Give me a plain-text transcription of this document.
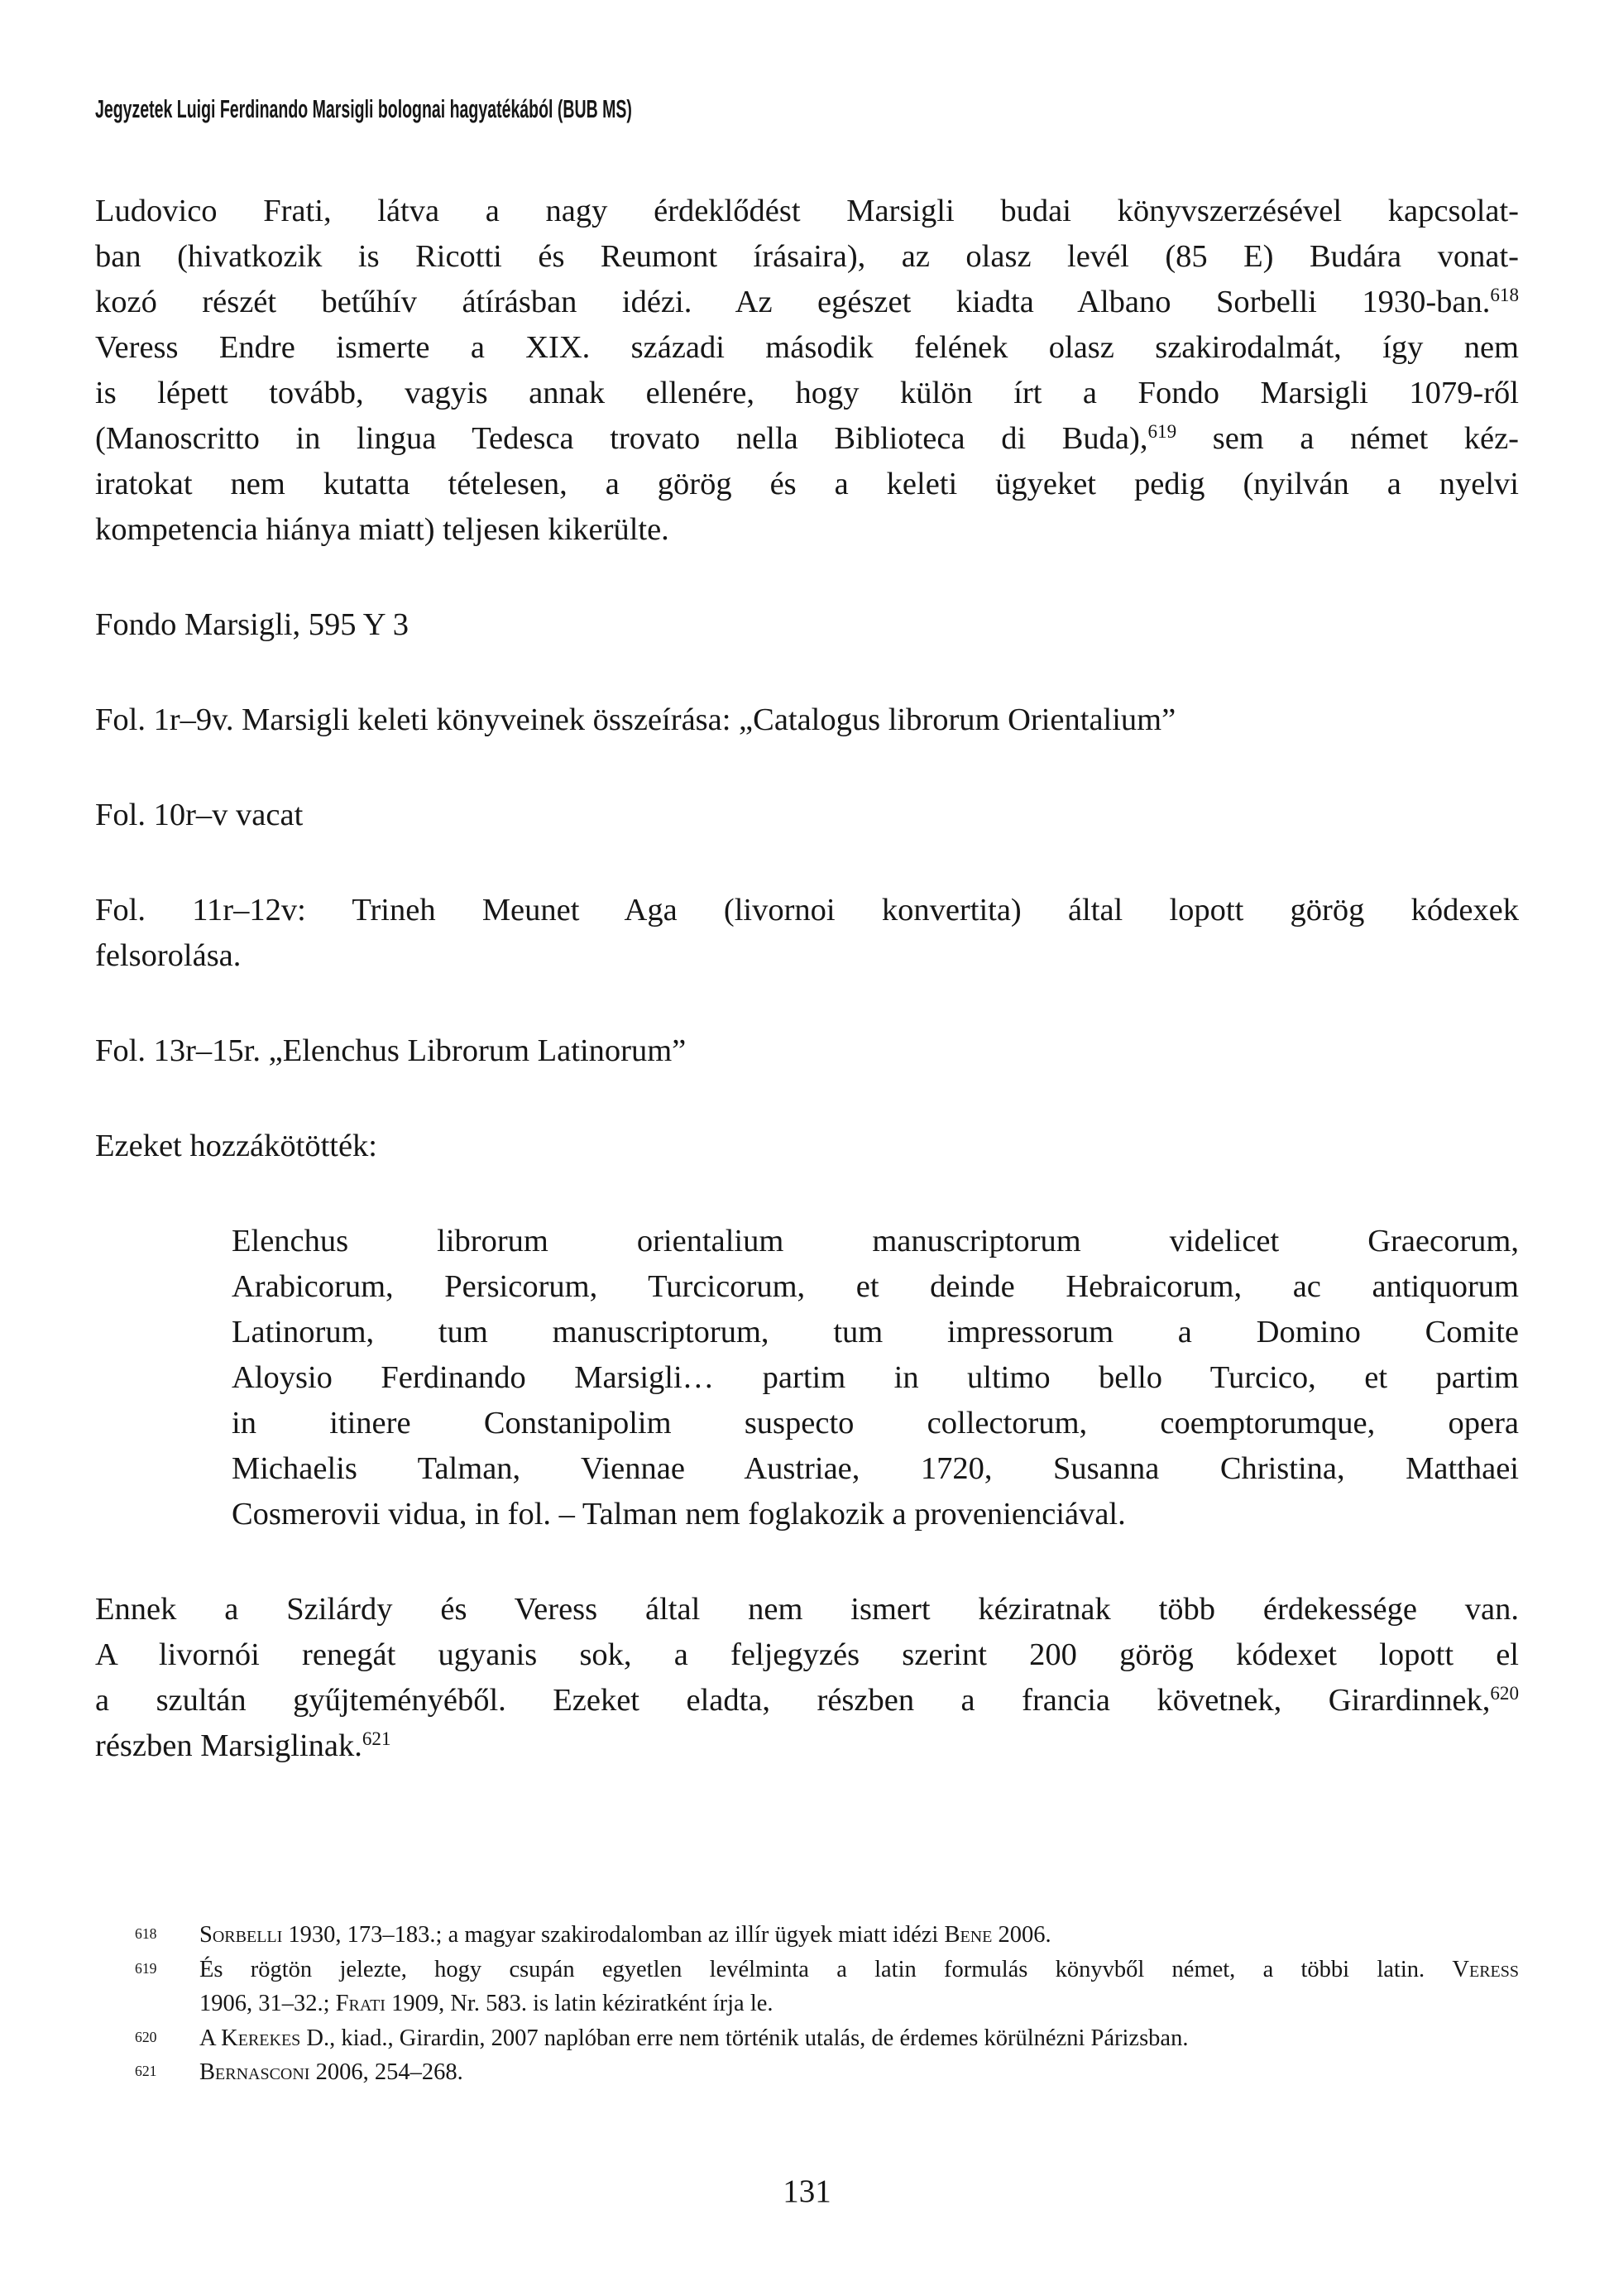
Jegyzetek Luigi Ferdinando Marsigli bolognai hagyatékából (BUB MS)
Ludovico Frati, látva a nagy érdeklődést Marsigli budai könyvszerzésével kapcsolat-
ban (hivatkozik is Ricotti és Reumont írásaira), az olasz levél (85 E) Budára vonat-
kozó részét betűhív átírásban idézi. Az egészet kiadta Albano Sorbelli 1930-ban.$^{618}$
Veress Endre ismerte a XIX. századi második felének olasz szakirodalmát, így nem
is lépett tovább, vagyis annak ellenére, hogy külön írt a Fondo Marsigli 1079-ről
(Manoscritto in lingua Tedesca trovato nella Biblioteca di Buda),$^{619}$ sem a német kéz-
iratokat nem kutatta tételesen, a görög és a keleti ügyeket pedig (nyilván a nyelvi
kompetencia hiánya miatt) teljesen kikerülte.
Fondo Marsigli, 595 Y 3
Fol. 1r–9v. Marsigli keleti könyveinek összeírása: „Catalogus librorum Orientalium”
Fol. 10r–v vacat
Fol. 11r–12v: Trineh Meunet Aga (livornoi konvertita) által lopott görög kódexek
felsorolása.
Fol. 13r–15r. „Elenchus Librorum Latinorum”
Ezeket hozzákötötték:
Elenchus librorum orientalium manuscriptorum videlicet Graecorum,
Arabicorum, Persicorum, Turcicorum, et deinde Hebraicorum, ac antiquorum
Latinorum, tum manuscriptorum, tum impressorum a Domino Comite
Aloysio Ferdinando Marsigli… partim in ultimo bello Turcico, et partim
in itinere Constanipolim suspecto collectorum, coemptorumque, opera
Michaelis Talman, Viennae Austriae, 1720, Susanna Christina, Matthaei
Cosmerovii vidua, in fol. – Talman nem foglakozik a provenienciával.
Ennek a Szilárdy és Veress által nem ismert kéziratnak több érdekessége van.
A livornói renegát ugyanis sok, a feljegyzés szerint 200 görög kódexet lopott el
a szultán gyűjteményéből. Ezeket eladta, részben a francia követnek, Girardinnek,$^{620}$
részben Marsiglinak.$^{621}$
618 Sorbelli 1930, 173–183.; a magyar szakirodalomban az illír ügyek miatt idézi Bene 2006.
619 És rögtön jelezte, hogy csupán egyetlen levélminta a latin formulás könyvből német, a többi latin. Veress
1906, 31–32.; Frati 1909, Nr. 583. is latin kéziratként írja le.
620 A Kerekes D., kiad., Girardin, 2007 naplóban erre nem történik utalás, de érdemes körülnézni Párizsban.
621 Bernasconi 2006, 254–268.
131
